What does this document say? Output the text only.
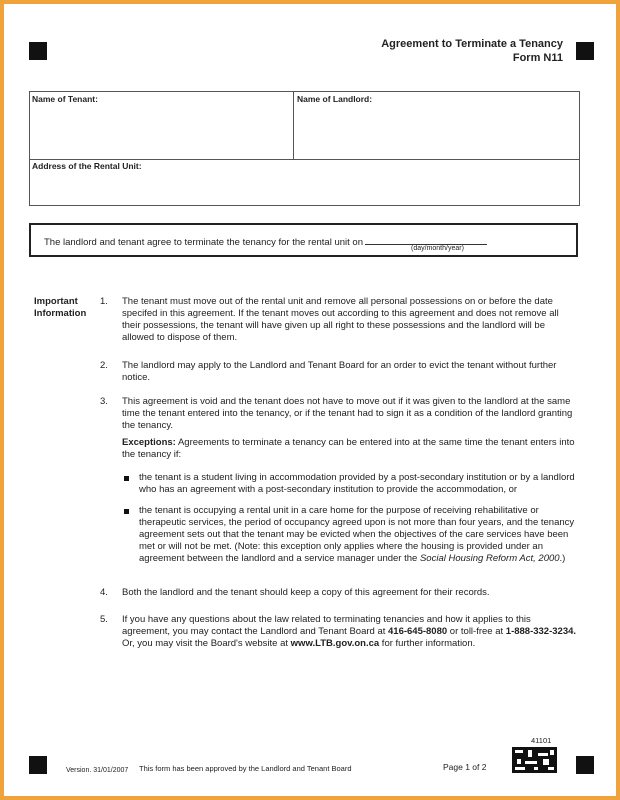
Agreement to Terminate a Tenancy
Form N11
Name of Tenant:	Name of Landlord:
Address of the Rental Unit:
The landlord and tenant agree to terminate the tenancy for the rental unit on
(day/month/year)
Important
Information
1. The tenant must move out of the rental unit and remove all personal possessions on or before the date specifed in this agreement. If the tenant moves out according to this agreement and does not remove all their possessions, the tenant will have given up all right to these possessions and the landlord will be allowed to dispose of them.
2. The landlord may apply to the Landlord and Tenant Board for an order to evict the tenant without further notice.
3. This agreement is void and the tenant does not have to move out if it was given to the landlord at the same time the tenant entered into the tenancy, or if the tenant had to sign it as a condition of the landlord granting the tenancy.
Exceptions: Agreements to terminate a tenancy can be entered into at the same time the tenant enters into the tenancy if:
the tenant is a student living in accommodation provided by a post-secondary institution or by a landlord who has an agreement with a post-secondary institution to provide the accommodation, or
the tenant is occupying a rental unit in a care home for the purpose of receiving rehabilitative or therapeutic services, the period of occupancy agreed upon is not more than four years, and the tenancy agreement sets out that the tenant may be evicted when the objectives of the care services have been met or will not be met. (Note: this exception only applies where the housing is provided under an agreement between the landlord and a service manager under the Social Housing Reform Act, 2000.)
4. Both the landlord and the tenant should keep a copy of this agreement for their records.
5. If you have any questions about the law related to terminating tenancies and how it applies to this agreement, you may contact the Landlord and Tenant Board at 416-645-8080 or toll-free at 1-888-332-3234. Or, you may visit the Board's website at www.LTB.gov.on.ca for further information.
Version. 31/01/2007 This form has been approved by the Landlord and Tenant Board	Page 1 of 2
41101
